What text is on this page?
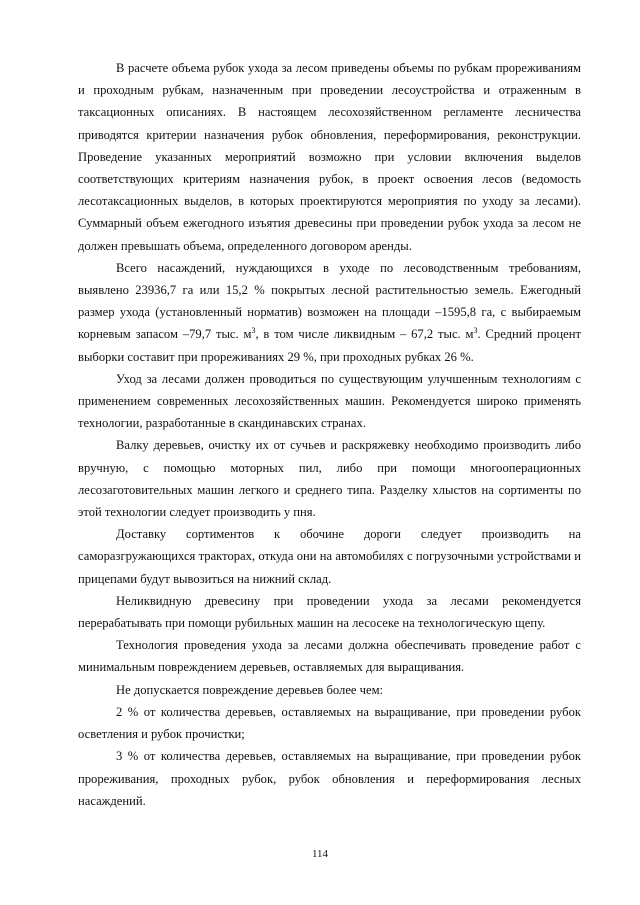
В расчете объема рубок ухода за лесом приведены объемы по рубкам прореживаниям и проходным рубкам, назначенным при проведении лесоустройства и отраженным в таксационных описаниях. В настоящем лесохозяйственном регламенте лесничества приводятся критерии назначения рубок обновления, переформирования, реконструкции. Проведение указанных мероприятий возможно при условии включения выделов соответствующих критериям назначения рубок, в проект освоения лесов (ведомость лесотаксационных выделов, в которых проектируются мероприятия по уходу за лесами). Суммарный объем ежегодного изъятия древесины при проведении рубок ухода за лесом не должен превышать объема, определенного договором аренды.

Всего насаждений, нуждающихся в уходе по лесоводственным требованиям, выявлено 23936,7 га или 15,2 % покрытых лесной растительностью земель. Ежегодный размер ухода (установленный норматив) возможен на площади –1595,8 га, с выбираемым корневым запасом –79,7 тыс. $м^3$, в том числе ликвидным – 67,2 тыс. $м^3$. Средний процент выборки составит при прореживаниях 29 %, при проходных рубках 26 %.

Уход за лесами должен проводиться по существующим улучшенным технологиям с применением современных лесохозяйственных машин. Рекомендуется широко применять технологии, разработанные в скандинавских странах.

Валку деревьев, очистку их от сучьев и раскряжевку необходимо производить либо вручную, с помощью моторных пил, либо при помощи многооперационных лесозаготовительных машин легкого и среднего типа. Разделку хлыстов на сортименты по этой технологии следует производить у пня.

Доставку сортиментов к обочине дороги следует производить на саморазгружающихся тракторах, откуда они на автомобилях с погрузочными устройствами и прицепами будут вывозиться на нижний склад.

Неликвидную древесину при проведении ухода за лесами рекомендуется перерабатывать при помощи рубильных машин на лесосеке на технологическую щепу.

Технология проведения ухода за лесами должна обеспечивать проведение работ с минимальным повреждением деревьев, оставляемых для выращивания.

Не допускается повреждение деревьев более чем:

2 % от количества деревьев, оставляемых на выращивание, при проведении рубок осветления и рубок прочистки;

3 % от количества деревьев, оставляемых на выращивание, при проведении рубок прореживания, проходных рубок, рубок обновления и переформирования лесных насаждений.

114
